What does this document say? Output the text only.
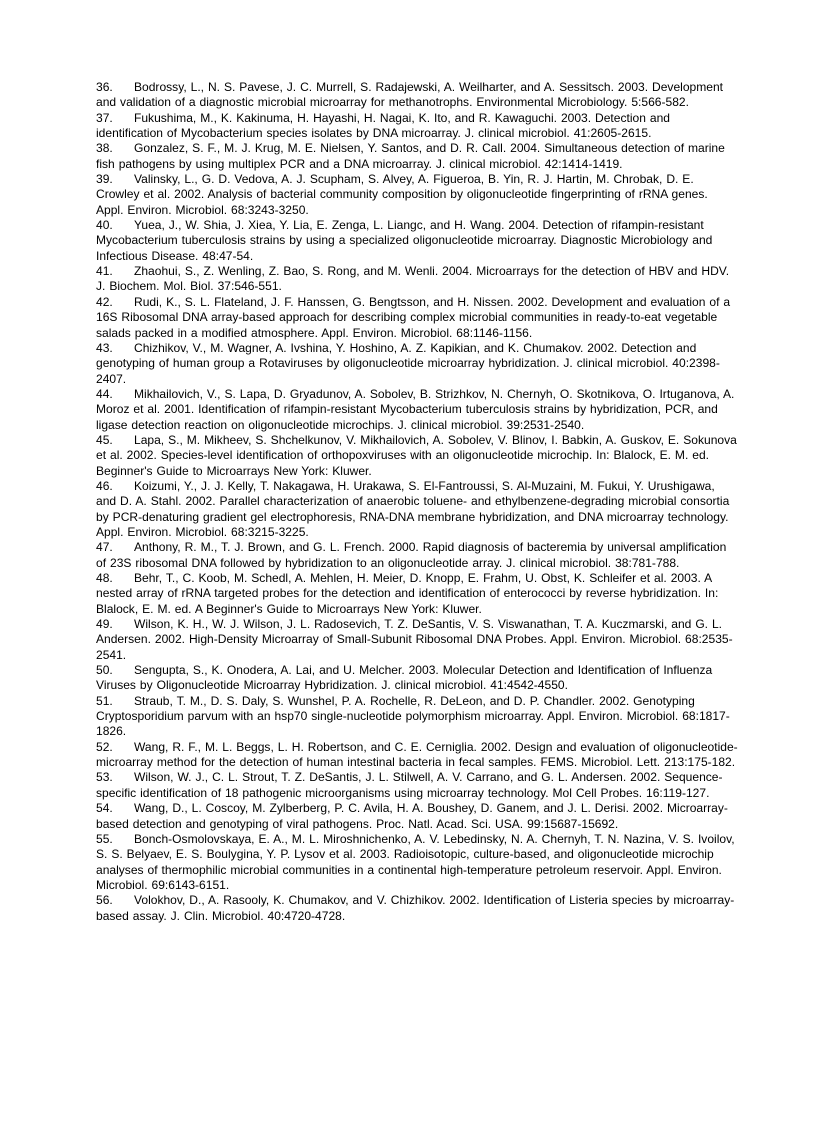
36. Bodrossy, L., N. S. Pavese, J. C. Murrell, S. Radajewski, A. Weilharter, and A. Sessitsch. 2003. Development and validation of a diagnostic microbial microarray for methanotrophs. Environmental Microbiology. 5:566-582.
37. Fukushima, M., K. Kakinuma, H. Hayashi, H. Nagai, K. Ito, and R. Kawaguchi. 2003. Detection and identification of Mycobacterium species isolates by DNA microarray. J. clinical microbiol. 41:2605-2615.
38. Gonzalez, S. F., M. J. Krug, M. E. Nielsen, Y. Santos, and D. R. Call. 2004. Simultaneous detection of marine fish pathogens by using multiplex PCR and a DNA microarray. J. clinical microbiol. 42:1414-1419.
39. Valinsky, L., G. D. Vedova, A. J. Scupham, S. Alvey, A. Figueroa, B. Yin, R. J. Hartin, M. Chrobak, D. E. Crowley et al. 2002. Analysis of bacterial community composition by oligonucleotide fingerprinting of rRNA genes. Appl. Environ. Microbiol. 68:3243-3250.
40. Yuea, J., W. Shia, J. Xiea, Y. Lia, E. Zenga, L. Liangc, and H. Wang. 2004. Detection of rifampin-resistant Mycobacterium tuberculosis strains by using a specialized oligonucleotide microarray. Diagnostic Microbiology and Infectious Disease. 48:47-54.
41. Zhaohui, S., Z. Wenling, Z. Bao, S. Rong, and M. Wenli. 2004. Microarrays for the detection of HBV and HDV. J. Biochem. Mol. Biol. 37:546-551.
42. Rudi, K., S. L. Flateland, J. F. Hanssen, G. Bengtsson, and H. Nissen. 2002. Development and evaluation of a 16S Ribosomal DNA array-based approach for describing complex microbial communities in ready-to-eat vegetable salads packed in a modified atmosphere. Appl. Environ. Microbiol. 68:1146-1156.
43. Chizhikov, V., M. Wagner, A. Ivshina, Y. Hoshino, A. Z. Kapikian, and K. Chumakov. 2002. Detection and genotyping of human group a Rotaviruses by oligonucleotide microarray hybridization. J. clinical microbiol. 40:2398-2407.
44. Mikhailovich, V., S. Lapa, D. Gryadunov, A. Sobolev, B. Strizhkov, N. Chernyh, O. Skotnikova, O. Irtuganova, A. Moroz et al. 2001. Identification of rifampin-resistant Mycobacterium tuberculosis strains by hybridization, PCR, and ligase detection reaction on oligonucleotide microchips. J. clinical microbiol. 39:2531-2540.
45. Lapa, S., M. Mikheev, S. Shchelkunov, V. Mikhailovich, A. Sobolev, V. Blinov, I. Babkin, A. Guskov, E. Sokunova et al. 2002. Species-level identification of orthopoxviruses with an oligonucleotide microchip. In: Blalock, E. M. ed. Beginner's Guide to Microarrays New York: Kluwer.
46. Koizumi, Y., J. J. Kelly, T. Nakagawa, H. Urakawa, S. El-Fantroussi, S. Al-Muzaini, M. Fukui, Y. Urushigawa, and D. A. Stahl. 2002. Parallel characterization of anaerobic toluene- and ethylbenzene-degrading microbial consortia by PCR-denaturing gradient gel electrophoresis, RNA-DNA membrane hybridization, and DNA microarray technology. Appl. Environ. Microbiol. 68:3215-3225.
47. Anthony, R. M., T. J. Brown, and G. L. French. 2000. Rapid diagnosis of bacteremia by universal amplification of 23S ribosomal DNA followed by hybridization to an oligonucleotide array. J. clinical microbiol. 38:781-788.
48. Behr, T., C. Koob, M. Schedl, A. Mehlen, H. Meier, D. Knopp, E. Frahm, U. Obst, K. Schleifer et al. 2003. A nested array of rRNA targeted probes for the detection and identification of enterococci by reverse hybridization. In: Blalock, E. M. ed. A Beginner's Guide to Microarrays New York: Kluwer.
49. Wilson, K. H., W. J. Wilson, J. L. Radosevich, T. Z. DeSantis, V. S. Viswanathan, T. A. Kuczmarski, and G. L. Andersen. 2002. High-Density Microarray of Small-Subunit Ribosomal DNA Probes. Appl. Environ. Microbiol. 68:2535-2541.
50. Sengupta, S., K. Onodera, A. Lai, and U. Melcher. 2003. Molecular Detection and Identification of Influenza Viruses by Oligonucleotide Microarray Hybridization. J. clinical microbiol. 41:4542-4550.
51. Straub, T. M., D. S. Daly, S. Wunshel, P. A. Rochelle, R. DeLeon, and D. P. Chandler. 2002. Genotyping Cryptosporidium parvum with an hsp70 single-nucleotide polymorphism microarray. Appl. Environ. Microbiol. 68:1817-1826.
52. Wang, R. F., M. L. Beggs, L. H. Robertson, and C. E. Cerniglia. 2002. Design and evaluation of oligonucleotide-microarray method for the detection of human intestinal bacteria in fecal samples. FEMS. Microbiol. Lett. 213:175-182.
53. Wilson, W. J., C. L. Strout, T. Z. DeSantis, J. L. Stilwell, A. V. Carrano, and G. L. Andersen. 2002. Sequence-specific identification of 18 pathogenic microorganisms using microarray technology. Mol Cell Probes. 16:119-127.
54. Wang, D., L. Coscoy, M. Zylberberg, P. C. Avila, H. A. Boushey, D. Ganem, and J. L. Derisi. 2002. Microarray-based detection and genotyping of viral pathogens. Proc. Natl. Acad. Sci. USA. 99:15687-15692.
55. Bonch-Osmolovskaya, E. A., M. L. Miroshnichenko, A. V. Lebedinsky, N. A. Chernyh, T. N. Nazina, V. S. Ivoilov, S. S. Belyaev, E. S. Boulygina, Y. P. Lysov et al. 2003. Radioisotopic, culture-based, and oligonucleotide microchip analyses of thermophilic microbial communities in a continental high-temperature petroleum reservoir. Appl. Environ. Microbiol. 69:6143-6151.
56. Volokhov, D., A. Rasooly, K. Chumakov, and V. Chizhikov. 2002. Identification of Listeria species by microarray-based assay. J. Clin. Microbiol. 40:4720-4728.
